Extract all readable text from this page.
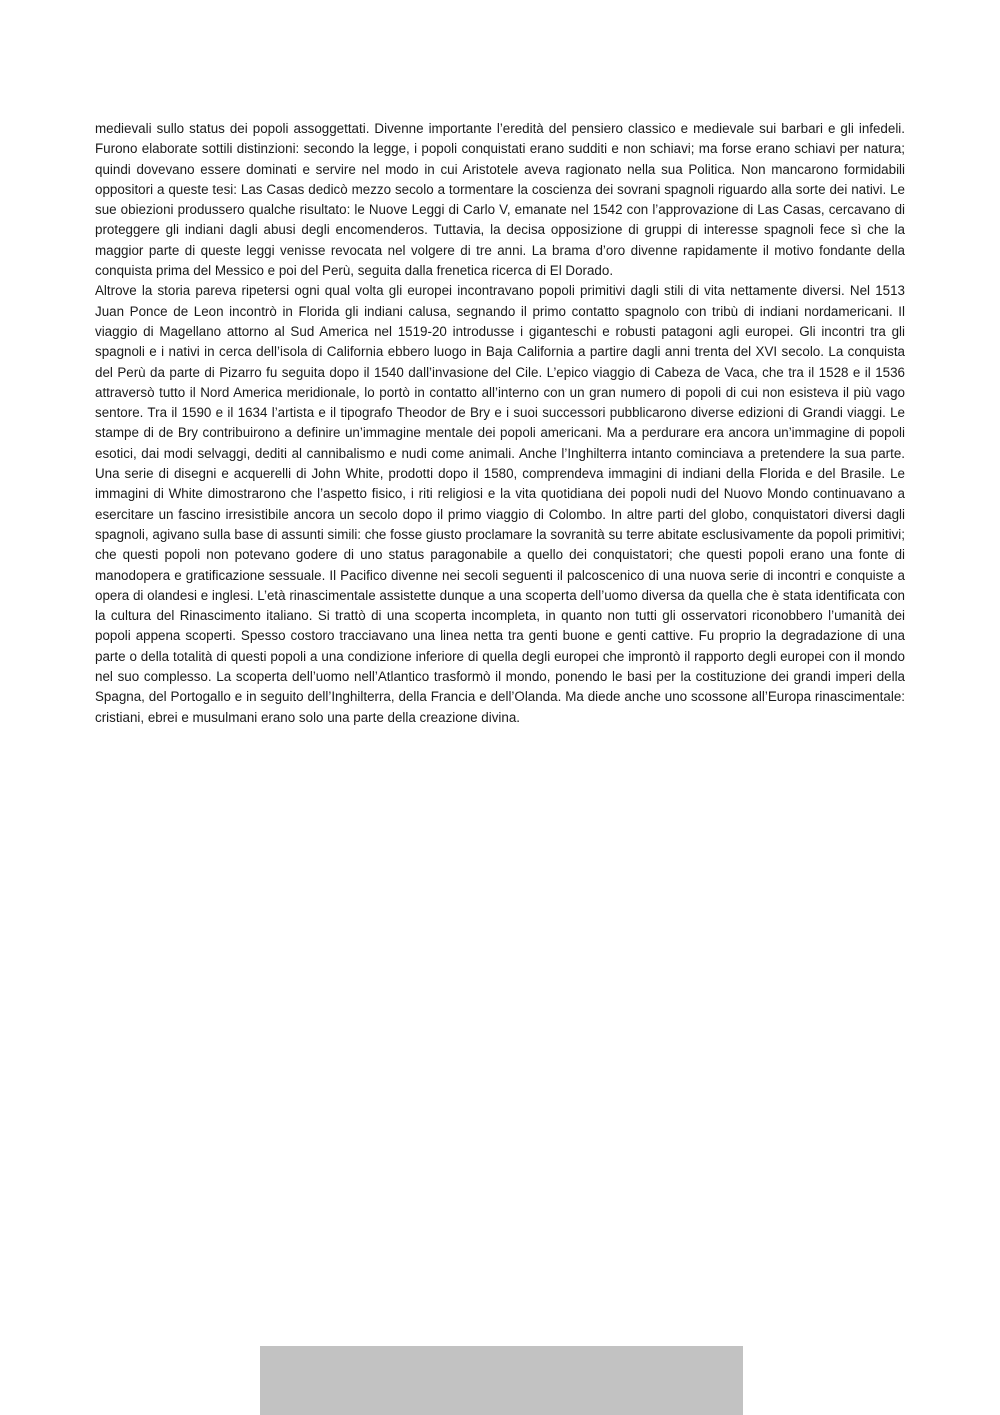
medievali sullo status dei popoli assoggettati. Divenne importante l’eredità del pensiero classico e medievale sui barbari e gli infedeli. Furono elaborate sottili distinzioni: secondo la legge, i popoli conquistati erano sudditi e non schiavi; ma forse erano schiavi per natura; quindi dovevano essere dominati e servire nel modo in cui Aristotele aveva ragionato nella sua Politica. Non mancarono formidabili oppositori a queste tesi: Las Casas dedicò mezzo secolo a tormentare la coscienza dei sovrani spagnoli riguardo alla sorte dei nativi. Le sue obiezioni produssero qualche risultato: le Nuove Leggi di Carlo V, emanate nel 1542 con l’approvazione di Las Casas, cercavano di proteggere gli indiani dagli abusi degli encomenderos. Tuttavia, la decisa opposizione di gruppi di interesse spagnoli fece sì che la maggior parte di queste leggi venisse revocata nel volgere di tre anni. La brama d’oro divenne rapidamente il motivo fondante della conquista prima del Messico e poi del Perù, seguita dalla frenetica ricerca di El Dorado.

Altrove la storia pareva ripetersi ogni qual volta gli europei incontravano popoli primitivi dagli stili di vita nettamente diversi. Nel 1513 Juan Ponce de Leon incontrò in Florida gli indiani calusa, segnando il primo contatto spagnolo con tribù di indiani nordamericani. Il viaggio di Magellano attorno al Sud America nel 1519-20 introdusse i giganteschi e robusti patagoni agli europei. Gli incontri tra gli spagnoli e i nativi in cerca dell’isola di California ebbero luogo in Baja California a partire dagli anni trenta del XVI secolo. La conquista del Perù da parte di Pizarro fu seguita dopo il 1540 dall’invasione del Cile. L’epico viaggio di Cabeza de Vaca, che tra il 1528 e il 1536 attraversò tutto il Nord America meridionale, lo portò in contatto all’interno con un gran numero di popoli di cui non esisteva il più vago sentore. Tra il 1590 e il 1634 l’artista e il tipografo Theodor de Bry e i suoi successori pubblicarono diverse edizioni di Grandi viaggi. Le stampe di de Bry contribuirono a definire un’immagine mentale dei popoli americani. Ma a perdurare era ancora un’immagine di popoli esotici, dai modi selvaggi, dediti al cannibalismo e nudi come animali. Anche l’Inghilterra intanto cominciava a pretendere la sua parte. Una serie di disegni e acquerelli di John White, prodotti dopo il 1580, comprendeva immagini di indiani della Florida e del Brasile. Le immagini di White dimostrarono che l’aspetto fisico, i riti religiosi e la vita quotidiana dei popoli nudi del Nuovo Mondo continuavano a esercitare un fascino irresistibile ancora un secolo dopo il primo viaggio di Colombo. In altre parti del globo, conquistatori diversi dagli spagnoli, agivano sulla base di assunti simili: che fosse giusto proclamare la sovranità su terre abitate esclusivamente da popoli primitivi; che questi popoli non potevano godere di uno status paragonabile a quello dei conquistatori; che questi popoli erano una fonte di manodopera e gratificazione sessuale. Il Pacifico divenne nei secoli seguenti il palcoscenico di una nuova serie di incontri e conquiste a opera di olandesi e inglesi. L’età rinascimentale assistette dunque a una scoperta dell’uomo diversa da quella che è stata identificata con la cultura del Rinascimento italiano. Si trattò di una scoperta incompleta, in quanto non tutti gli osservatori riconobbero l’umanità dei popoli appena scoperti. Spesso costoro tracciavano una linea netta tra genti buone e genti cattive. Fu proprio la degradazione di una parte o della totalità di questi popoli a una condizione inferiore di quella degli europei che improntò il rapporto degli europei con il mondo nel suo complesso. La scoperta dell’uomo nell’Atlantico trasformò il mondo, ponendo le basi per la costituzione dei grandi imperi della Spagna, del Portogallo e in seguito dell’Inghilterra, della Francia e dell’Olanda. Ma diede anche uno scossone all’Europa rinascimentale: cristiani, ebrei e musulmani erano solo una parte della creazione divina.
